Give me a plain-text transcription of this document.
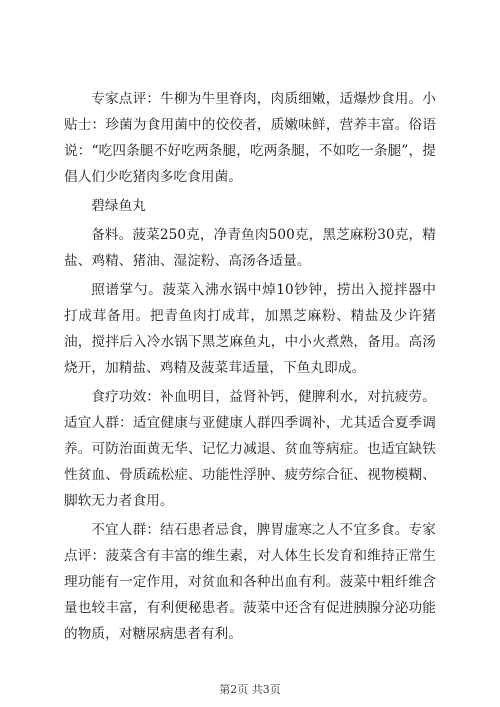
专家点评：牛柳为牛里脊肉，肉质细嫩，适爆炒食用。小贴士：珍菌为食用菌中的佼佼者，质嫩味鲜，营养丰富。俗语说：“吃四条腿不好吃两条腿，吃两条腿，不如吃一条腿”，提倡人们少吃猪肉多吃食用菌。

碧绿鱼丸

备料。菠菜250克，净青鱼肉500克，黑芝麻粉30克，精盐、鸡精、猪油、湿淀粉、高汤各适量。

照谱掌勺。菠菜入沸水锅中焯10钞钟，捞出入搅拌器中打成茸备用。把青鱼肉打成茸，加黑芝麻粉、精盐及少许猪油，搅拌后入冷水锅下黑芝麻鱼丸，中小火煮熟，备用。高汤烧开，加精盐、鸡精及菠菜茸适量，下鱼丸即成。

食疗功效：补血明目，益肾补钙，健脾利水，对抗疲劳。适宜人群：适宜健康与亚健康人群四季调补，尤其适合夏季调养。可防治面黄无华、记忆力减退、贫血等病症。也适宜缺铁性贫血、骨质疏松症、功能性浮肿、疲劳综合征、视物模糊、脚软无力者食用。

不宜人群：结石患者忌食，脾胃虚寒之人不宜多食。专家点评：菠菜含有丰富的维生素，对人体生长发育和维持正常生理功能有一定作用，对贫血和各种出血有利。菠菜中粗纤维含量也较丰富，有利便秘患者。菠菜中还含有促进胰腺分泌功能的物质，对糖尿病患者有利。

第2页 共3页
